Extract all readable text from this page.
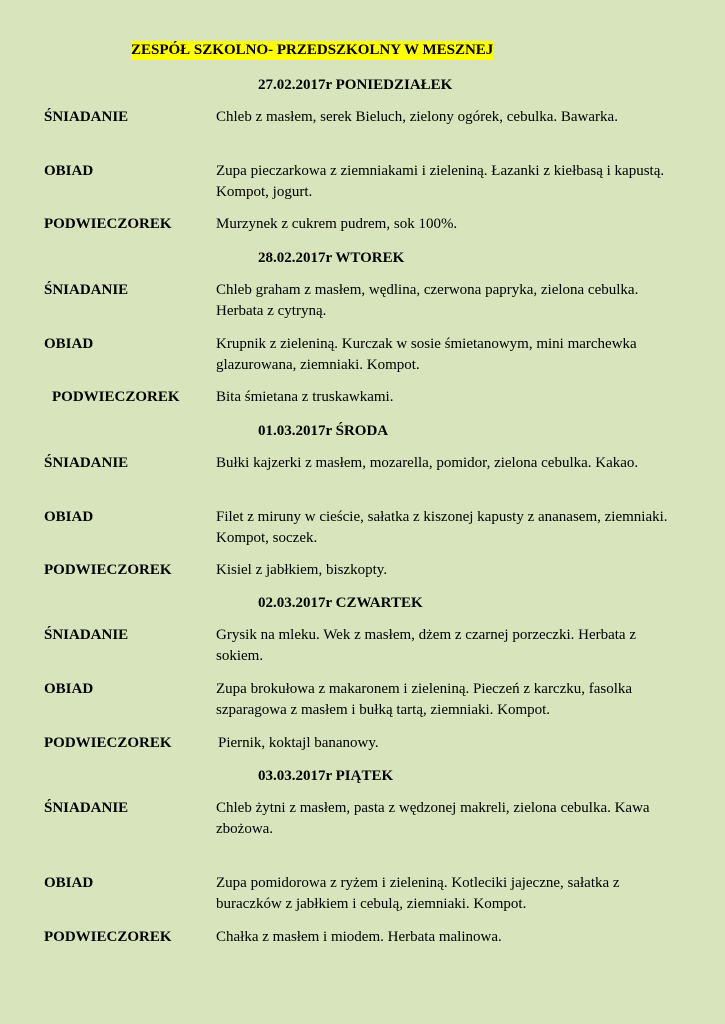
ZESPÓŁ SZKOLNO- PRZEDSZKOLNY W MESZNEJ
27.02.2017r PONIEDZIAŁEK
ŚNIADANIE	Chleb z masłem, serek Bieluch, zielony ogórek, cebulka. Bawarka.
OBIAD	Zupa pieczarkowa z ziemniakami i zieleniną. Łazanki z kiełbasą i kapustą. Kompot, jogurt.
PODWIECZOREK	Murzynek z cukrem pudrem, sok 100%.
28.02.2017r WTOREK
ŚNIADANIE	Chleb graham z masłem, wędlina, czerwona papryka, zielona cebulka. Herbata z cytryną.
OBIAD	Krupnik z zieleniną. Kurczak w sosie śmietanowym, mini marchewka glazurowana, ziemniaki. Kompot.
PODWIECZOREK Bita śmietana z truskawkami.
01.03.2017r ŚRODA
ŚNIADANIE	Bułki kajzerki z masłem, mozarella, pomidor, zielona cebulka. Kakao.
OBIAD	Filet z miruny w cieście, sałatka z kiszonej kapusty z ananasem, ziemniaki. Kompot, soczek.
PODWIECZOREK	Kisiel z jabłkiem, biszkopty.
02.03.2017r CZWARTEK
ŚNIADANIE	Grysik na mleku. Wek z masłem, dżem z czarnej porzeczki. Herbata z sokiem.
OBIAD	Zupa brokułowa z makaronem i zieleniną. Pieczeń z karczku, fasolka szparagowa z masłem i bułką tartą, ziemniaki. Kompot.
PODWIECZOREK	Piernik, koktajl bananowy.
03.03.2017r PIĄTEK
ŚNIADANIE	Chleb żytni z masłem, pasta z wędzonej makreli, zielona cebulka. Kawa zbożowa.
OBIAD	Zupa pomidorowa z ryżem i zieleniną. Kotleciki jajeczne, sałatka z buraczków z jabłkiem i cebulą, ziemniaki. Kompot.
PODWIECZOREK	Chałka z masłem i miodem. Herbata malinowa.
